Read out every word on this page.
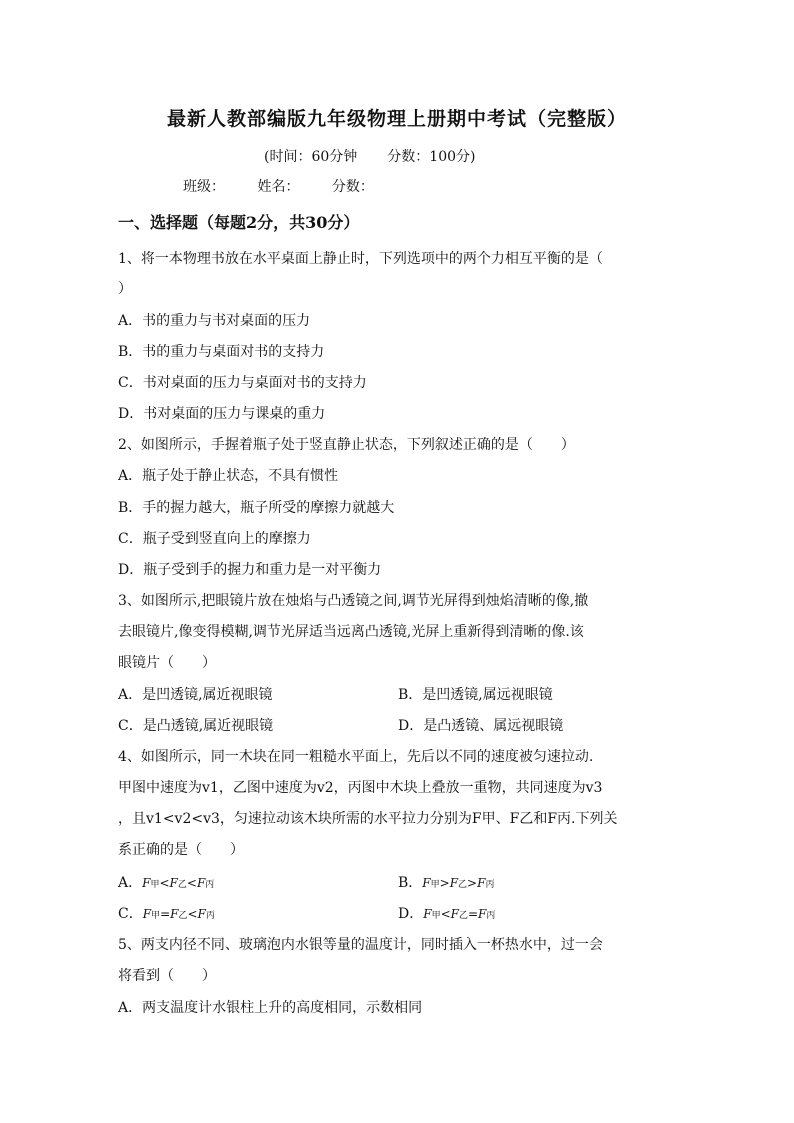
最新人教部编版九年级物理上册期中考试（完整版）
(时间：60分钟 分数：100分)
班级： 姓名： 分数：
一、选择题（每题2分，共30分）
1、将一本物理书放在水平桌面上静止时，下列选项中的两个力相互平衡的是（
）
A．书的重力与书对桌面的压力
B．书的重力与桌面对书的支持力
C．书对桌面的压力与桌面对书的支持力
D．书对桌面的压力与课桌的重力
2、如图所示，手握着瓶子处于竖直静止状态，下列叙述正确的是（　　）
A．瓶子处于静止状态，不具有惯性
B．手的握力越大，瓶子所受的摩擦力就越大
C．瓶子受到竖直向上的摩擦力
D．瓶子受到手的握力和重力是一对平衡力
3、如图所示,把眼镜片放在烛焰与凸透镜之间,调节光屏得到烛焰清晰的像,撤
去眼镜片,像变得模糊,调节光屏适当远离凸透镜,光屏上重新得到清晰的像.该
眼镜片（　　）
A．是凹透镜,属近视眼镜	B．是凹透镜,属远视眼镜
C．是凸透镜,属近视眼镜	D．是凸透镜、属远视眼镜
4、如图所示，同一木块在同一粗糙水平面上，先后以不同的速度被匀速拉动.
甲图中速度为v1，乙图中速度为v2，丙图中木块上叠放一重物，共同速度为v3
，且v1<v2<v3，匀速拉动该木块所需的水平拉力分别为F甲、F乙和F丙.下列关
系正确的是（　　）
A．F甲<F乙<F丙	B．F甲>F乙>F丙
C．F甲=F乙<F丙	D．F甲<F乙=F丙
5、两支内径不同、玻璃泡内水银等量的温度计，同时插入一杯热水中，过一会
将看到（　　）
A．两支温度计水银柱上升的高度相同，示数相同
